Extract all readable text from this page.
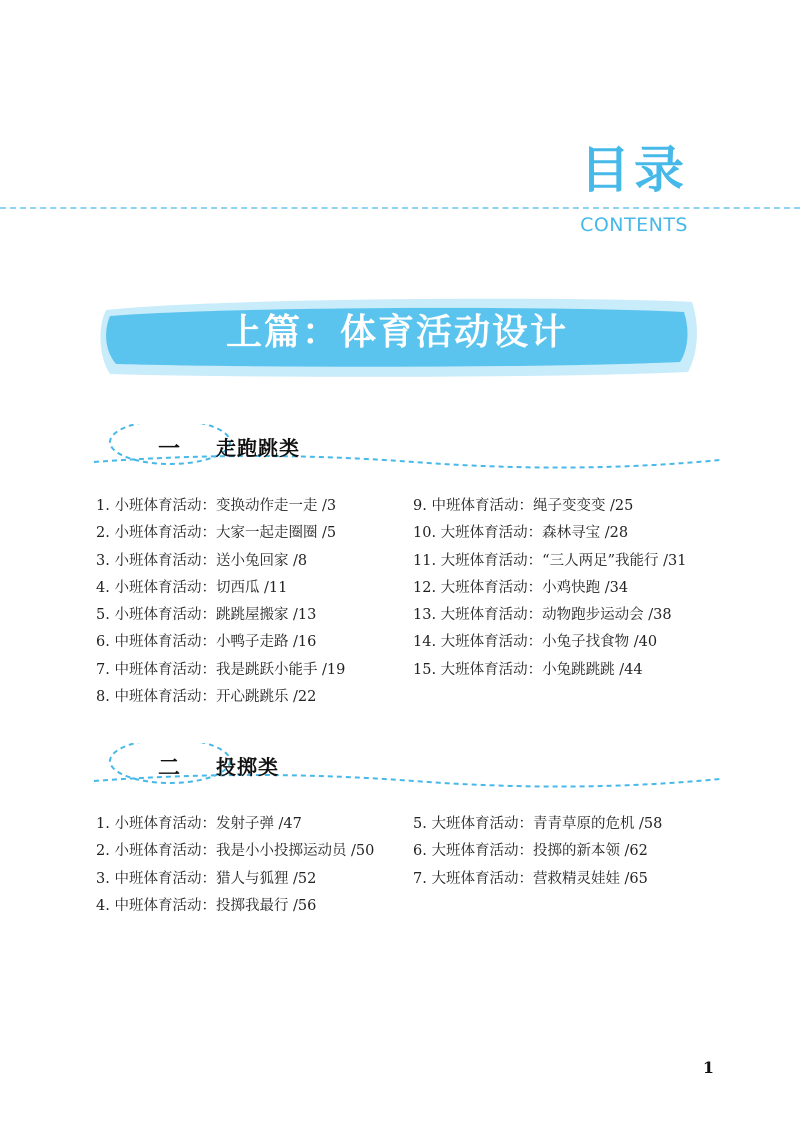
目录
CONTENTS
上篇：体育活动设计
一	走跑跳类
1. 小班体育活动：变换动作走一走 /3
2. 小班体育活动：大家一起走圈圈 /5
3. 小班体育活动：送小兔回家 /8
4. 小班体育活动：切西瓜 /11
5. 小班体育活动：跳跳屋搬家 /13
6. 中班体育活动：小鸭子走路 /16
7. 中班体育活动：我是跳跃小能手 /19
8. 中班体育活动：开心跳跳乐 /22
9. 中班体育活动：绳子变变变 /25
10. 大班体育活动：森林寻宝 /28
11. 大班体育活动：“三人两足”我能行 /31
12. 大班体育活动：小鸡快跑 /34
13. 大班体育活动：动物跑步运动会 /38
14. 大班体育活动：小兔子找食物 /40
15. 大班体育活动：小兔跳跳跳 /44
二	投掷类
1. 小班体育活动：发射子弹 /47
2. 小班体育活动：我是小小投掷运动员 /50
3. 中班体育活动：猎人与狐狸 /52
4. 中班体育活动：投掷我最行 /56
5. 大班体育活动：青青草原的危机 /58
6. 大班体育活动：投掷的新本领 /62
7. 大班体育活动：营救精灵娃娃 /65
1
